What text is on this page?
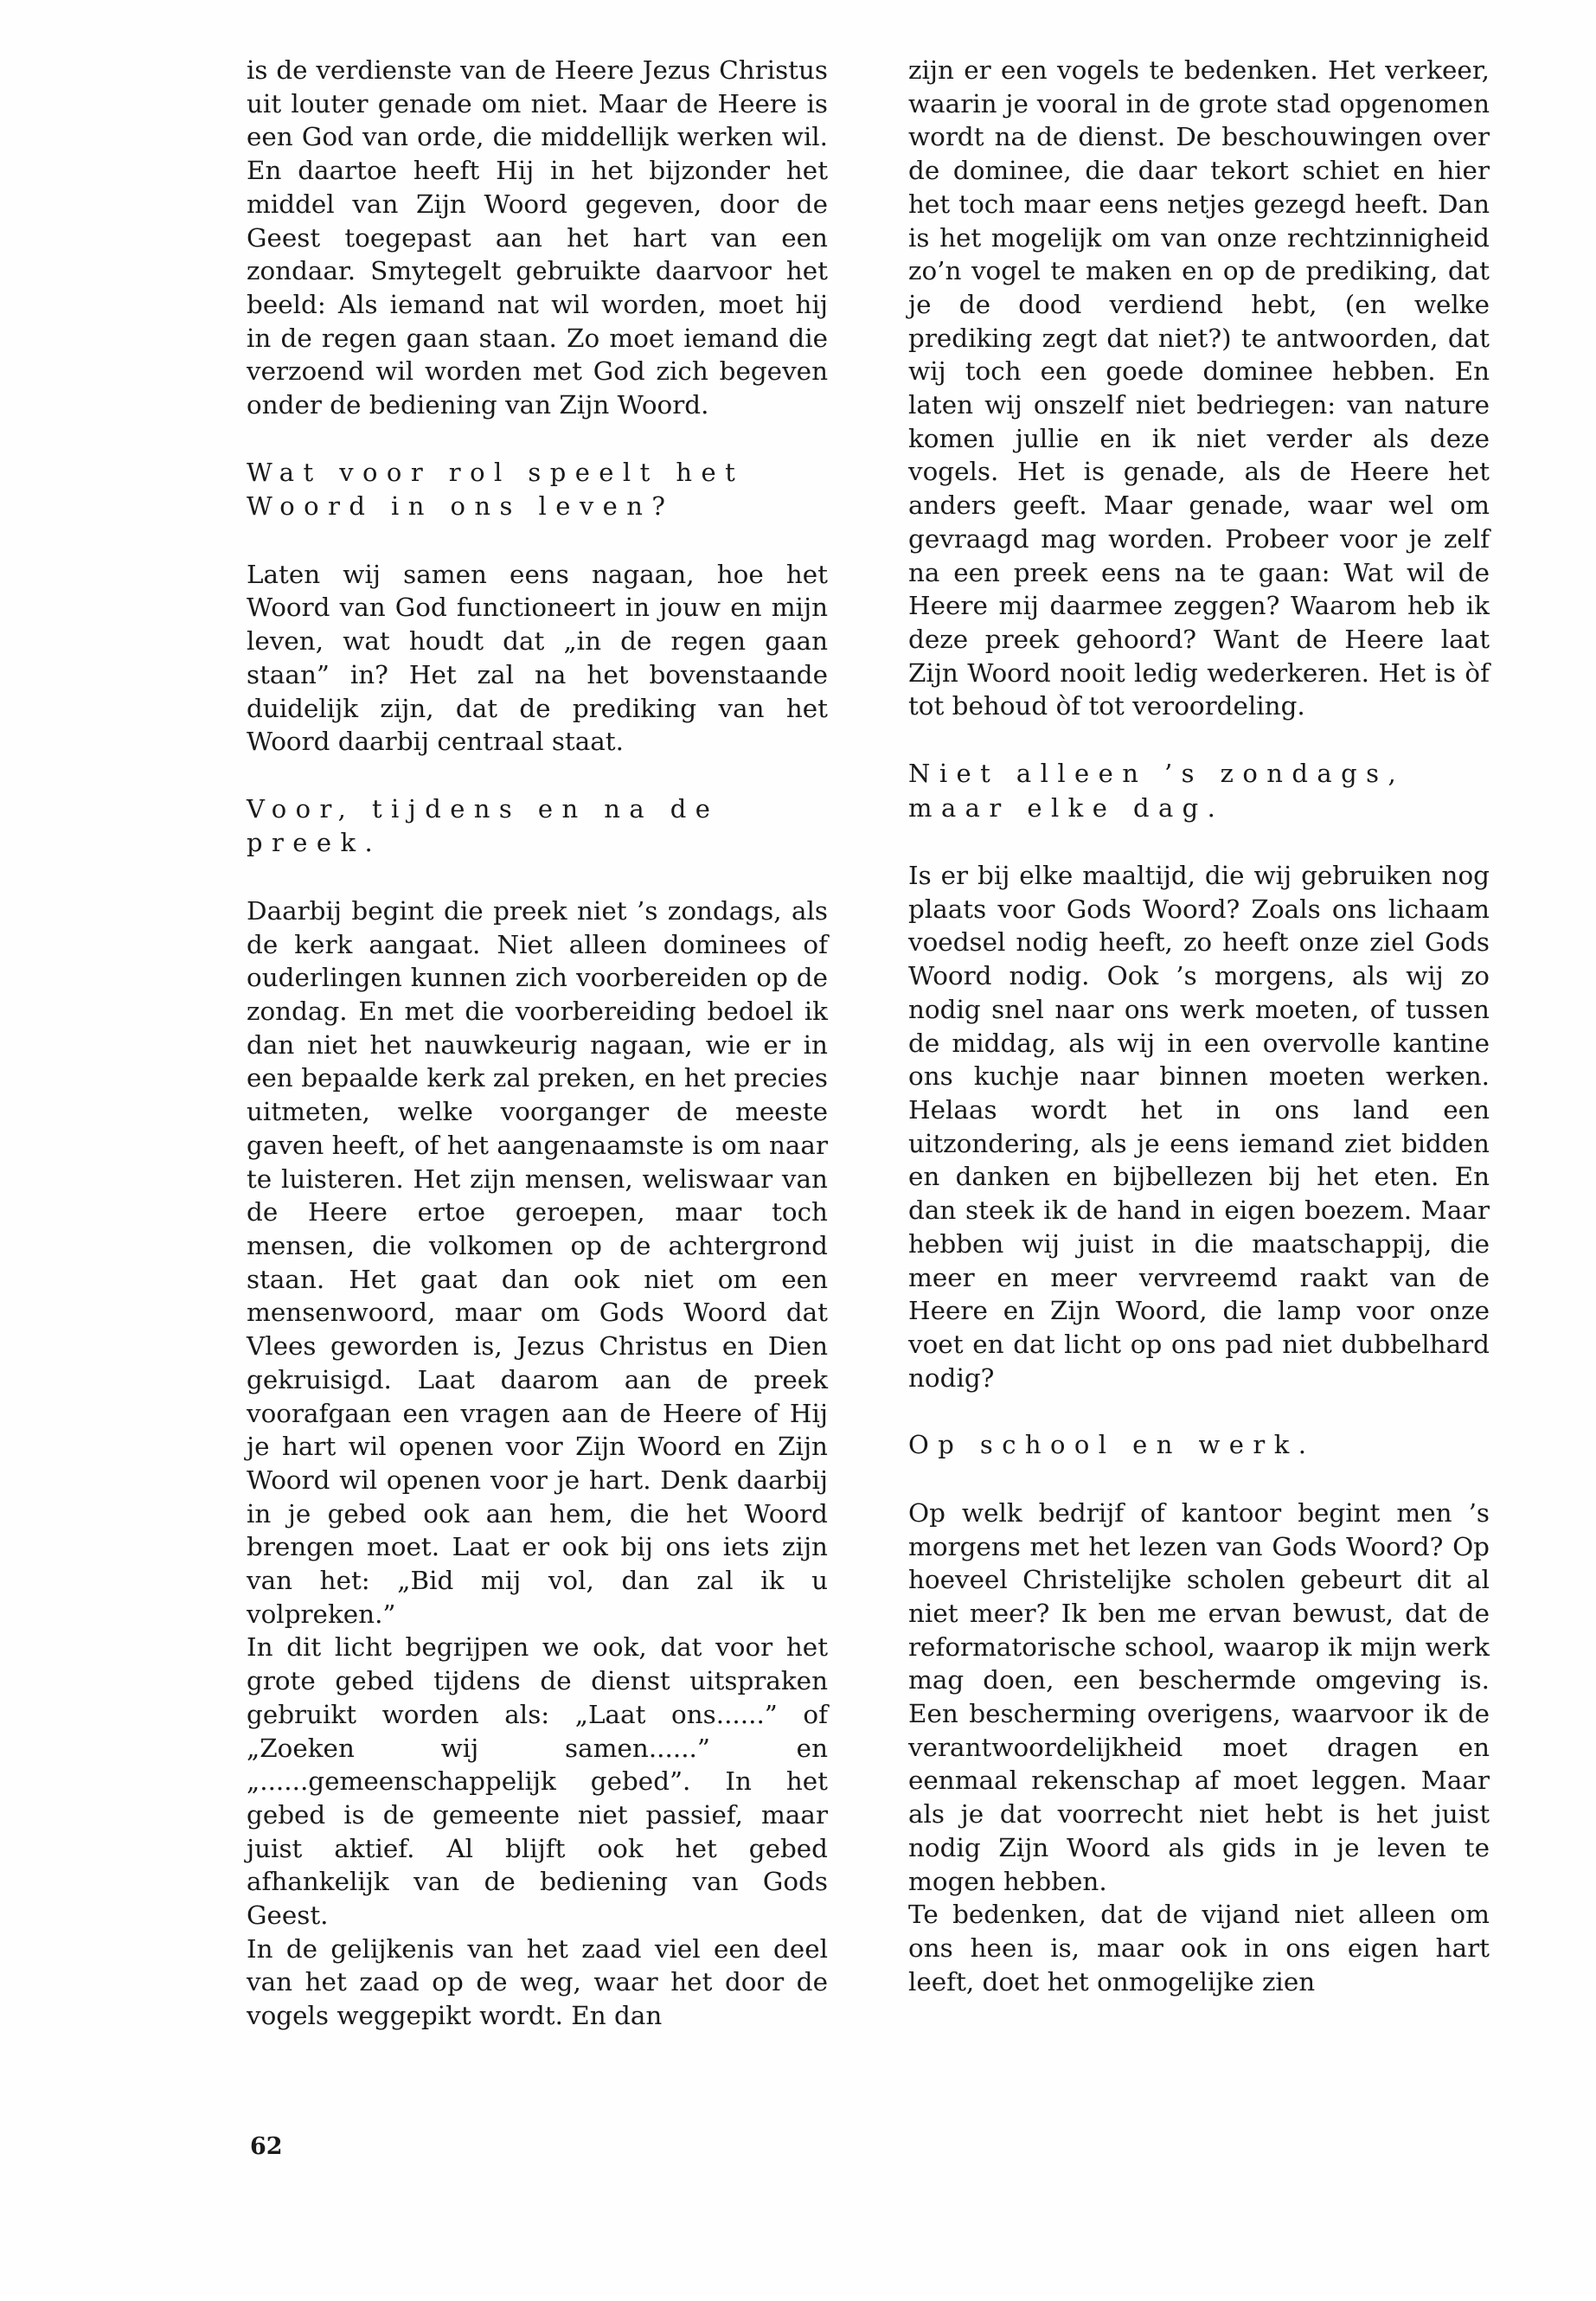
is de verdienste van de Heere Jezus Christus uit louter genade om niet. Maar de Heere is een God van orde, die middellijk werken wil. En daartoe heeft Hij in het bijzonder het middel van Zijn Woord gegeven, door de Geest toegepast aan het hart van een zondaar. Smytegelt gebruikte daarvoor het beeld: Als iemand nat wil worden, moet hij in de regen gaan staan. Zo moet iemand die verzoend wil worden met God zich begeven onder de bediening van Zijn Woord.

Wat voor rol speelt het Woord in ons leven?

Laten wij samen eens nagaan, hoe het Woord van God functioneert in jouw en mijn leven, wat houdt dat „in de regen gaan staan” in? Het zal na het bovenstaande duidelijk zijn, dat de prediking van het Woord daarbij centraal staat.

Voor, tijdens en na de preek.

Daarbij begint die preek niet ’s zondags, als de kerk aangaat. Niet alleen dominees of ouderlingen kunnen zich voorbereiden op de zondag. En met die voorbereiding bedoel ik dan niet het nauwkeurig nagaan, wie er in een bepaalde kerk zal preken, en het precies uitmeten, welke voorganger de meeste gaven heeft, of het aangenaamste is om naar te luisteren. Het zijn mensen, weliswaar van de Heere ertoe geroepen, maar toch mensen, die volkomen op de achtergrond staan. Het gaat dan ook niet om een mensenwoord, maar om Gods Woord dat Vlees geworden is, Jezus Christus en Dien gekruisigd. Laat daarom aan de preek voorafgaan een vragen aan de Heere of Hij je hart wil openen voor Zijn Woord en Zijn Woord wil openen voor je hart. Denk daarbij in je gebed ook aan hem, die het Woord brengen moet. Laat er ook bij ons iets zijn van het: „Bid mij vol, dan zal ik u volpreken.”

In dit licht begrijpen we ook, dat voor het grote gebed tijdens de dienst uitspraken gebruikt worden als: „Laat ons......” of „Zoeken wij samen......” en „......gemeenschappelijk gebed”. In het gebed is de gemeente niet passief, maar juist aktief. Al blijft ook het gebed afhankelijk van de bediening van Gods Geest.

In de gelijkenis van het zaad viel een deel van het zaad op de weg, waar het door de vogels weggepikt wordt. En dan

zijn er een vogels te bedenken. Het verkeer, waarin je vooral in de grote stad opgenomen wordt na de dienst. De beschouwingen over de dominee, die daar tekort schiet en hier het toch maar eens netjes gezegd heeft. Dan is het mogelijk om van onze rechtzinnigheid zo’n vogel te maken en op de prediking, dat je de dood verdiend hebt, (en welke prediking zegt dat niet?) te antwoorden, dat wij toch een goede dominee hebben. En laten wij onszelf niet bedriegen: van nature komen jullie en ik niet verder als deze vogels. Het is genade, als de Heere het anders geeft. Maar genade, waar wel om gevraagd mag worden. Probeer voor je zelf na een preek eens na te gaan: Wat wil de Heere mij daarmee zeggen? Waarom heb ik deze preek gehoord? Want de Heere laat Zijn Woord nooit ledig wederkeren. Het is òf tot behoud òf tot veroordeling.

Niet alleen ’s zondags, maar elke dag.

Is er bij elke maaltijd, die wij gebruiken nog plaats voor Gods Woord? Zoals ons lichaam voedsel nodig heeft, zo heeft onze ziel Gods Woord nodig. Ook ’s morgens, als wij zo nodig snel naar ons werk moeten, of tussen de middag, als wij in een overvolle kantine ons kuchje naar binnen moeten werken. Helaas wordt het in ons land een uitzondering, als je eens iemand ziet bidden en danken en bijbellezen bij het eten. En dan steek ik de hand in eigen boezem. Maar hebben wij juist in die maatschappij, die meer en meer vervreemd raakt van de Heere en Zijn Woord, die lamp voor onze voet en dat licht op ons pad niet dubbelhard nodig?

Op school en werk.

Op welk bedrijf of kantoor begint men ’s morgens met het lezen van Gods Woord? Op hoeveel Christelijke scholen gebeurt dit al niet meer? Ik ben me ervan bewust, dat de reformatorische school, waarop ik mijn werk mag doen, een beschermde omgeving is. Een bescherming overigens, waarvoor ik de verantwoordelijkheid moet dragen en eenmaal rekenschap af moet leggen. Maar als je dat voorrecht niet hebt is het juist nodig Zijn Woord als gids in je leven te mogen hebben.

Te bedenken, dat de vijand niet alleen om ons heen is, maar ook in ons eigen hart leeft, doet het onmogelijke zien

62
